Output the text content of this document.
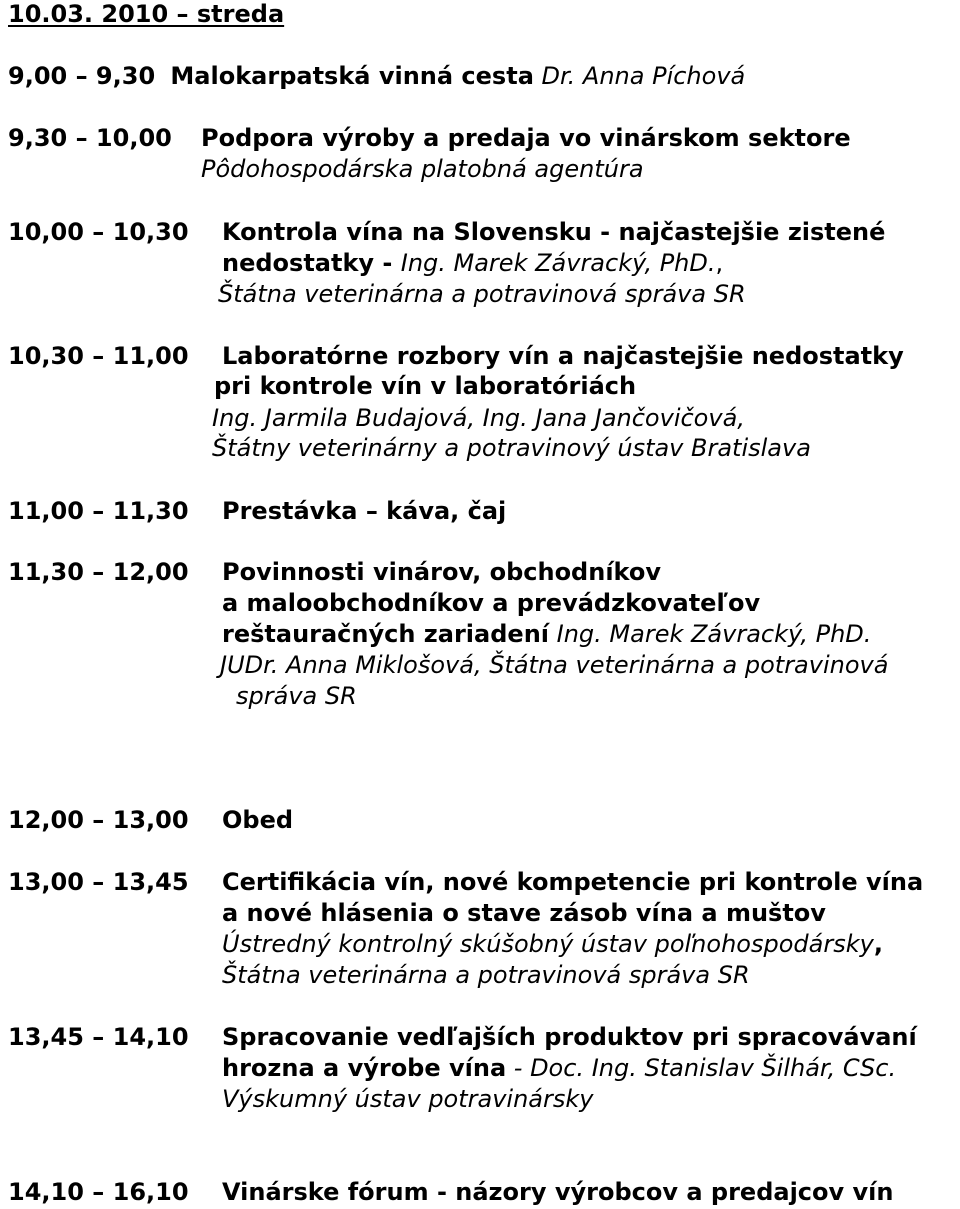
10.03. 2010 – streda
9,00 – 9,30 Malokarpatská vinná cesta Dr. Anna Píchová
9,30 – 10,00 Podpora výroby a predaja vo vinárskom sektore
Pôdohospodárska platobná agentúra
10,00 – 10,30 Kontrola vína na Slovensku - najčastejšie zistené
nedostatky - Ing. Marek Závracký, PhD.,
Štátna veterinárna a potravinová správa SR
10,30 – 11,00 Laboratórne rozbory vín a najčastejšie nedostatky
pri kontrole vín v laboratóriách
Ing. Jarmila Budajová, Ing. Jana Jančovičová,
Štátny veterinárny a potravinový ústav Bratislava
11,00 – 11,30 Prestávka – káva, čaj
11,30 – 12,00 Povinnosti vinárov, obchodníkov
a maloobchodníkov a prevádzkovateľov
reštauračných zariadení Ing. Marek Závracký, PhD.
JUDr. Anna Miklošová, Štátna veterinárna a potravinová
správa SR
12,00 – 13,00 Obed
13,00 – 13,45 Certifikácia vín, nové kompetencie pri kontrole vína
a nové hlásenia o stave zásob vína a muštov
Ústredný kontrolný skúšobný ústav poľnohospodársky,
Štátna veterinárna a potravinová správa SR
13,45 – 14,10 Spracovanie vedľajších produktov pri spracovávaní
hrozna a výrobe vína - Doc. Ing. Stanislav Šilhár, CSc.
Výskumný ústav potravinársky
14,10 – 16,10 Vinárske fórum - názory výrobcov a predajcov vín
